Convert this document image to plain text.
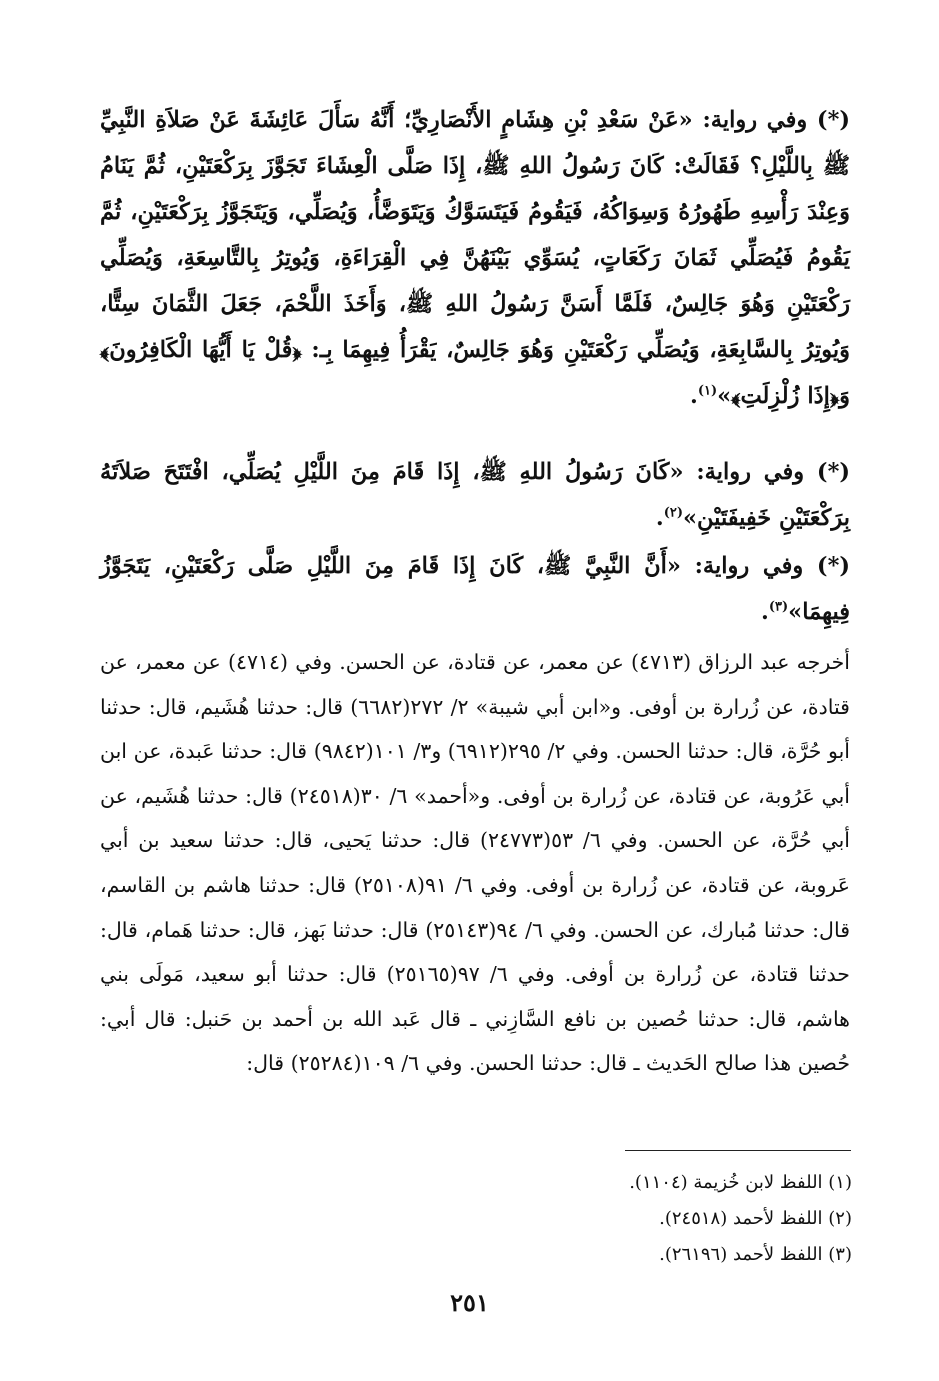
(*) وفي رواية: «عَنْ سَعْدِ بْنِ هِشَامٍ الأَنْصَارِيِّ؛ أَنَّهُ سَأَلَ عَائِشَةَ عَنْ صَلاَةِ النَّبِيِّ ﷺ بِاللَّيْلِ؟ فَقَالَتْ: كَانَ رَسُولُ اللهِ ﷺ، إِذَا صَلَّى الْعِشَاءَ تَجَوَّزَ بِرَكْعَتَيْنِ، ثُمَّ يَنَامُ وَعِنْدَ رَأْسِهِ طَهُورُهُ وَسِوَاكُهُ، فَيَقُومُ فَيَتَسَوَّكُ وَيَتَوَضَّأُ، وَيُصَلِّي، وَيَتَجَوَّزُ بِرَكْعَتَيْنِ، ثُمَّ يَقُومُ فَيُصَلِّي ثَمَانَ رَكَعَاتٍ، يُسَوِّي بَيْنَهُنَّ فِي الْقِرَاءَةِ، وَيُوتِرُ بِالتَّاسِعَةِ، وَيُصَلِّي رَكْعَتَيْنِ وَهُوَ جَالِسٌ، فَلَمَّا أَسَنَّ رَسُولُ اللهِ ﷺ، وَأَخَذَ اللَّحْمَ، جَعَلَ الثَّمَانَ سِتًّا، وَيُوتِرُ بِالسَّابِعَةِ، وَيُصَلِّي رَكْعَتَيْنِ وَهُوَ جَالِسٌ، يَقْرَأُ فِيهِمَا بِـ: ﴿قُلْ يَا أَيُّهَا الْكَافِرُونَ﴾ وَ﴿إِذَا زُلْزِلَتِ﴾»$^{(١)}$.

(*) وفي رواية: «كَانَ رَسُولُ اللهِ ﷺ، إِذَا قَامَ مِنَ اللَّيْلِ يُصَلِّي، افْتَتَحَ صَلاَتَهُ بِرَكْعَتَيْنِ خَفِيفَتَيْنِ»$^{(٢)}$.

(*) وفي رواية: «أَنَّ النَّبِيَّ ﷺ، كَانَ إِذَا قَامَ مِنَ اللَّيْلِ صَلَّى رَكْعَتَيْنِ، يَتَجَوَّزُ فِيهِمَا»$^{(٣)}$.

أخرجه عبد الرزاق (٤٧١٣) عن معمر، عن قتادة، عن الحسن. وفي (٤٧١٤) عن معمر، عن قتادة، عن زُرارة بن أوفى. و«ابن أبي شيبة» ٢/ ٢٧٢(٦٦٨٢) قال: حدثنا هُشَيم، قال: حدثنا أبو حُرَّة، قال: حدثنا الحسن. وفي ٢/ ٢٩٥(٦٩١٢) و٣/ ١٠١(٩٨٤٢) قال: حدثنا عَبدة، عن ابن أبي عَرُوبة، عن قتادة، عن زُرارة بن أوفى. و«أحمد» ٦/ ٣٠(٢٤٥١٨) قال: حدثنا هُشَيم، عن أبي حُرَّة، عن الحسن. وفي ٦/ ٥٣(٢٤٧٧٣) قال: حدثنا يَحيى، قال: حدثنا سعيد بن أبي عَروبة، عن قتادة، عن زُرارة بن أوفى. وفي ٦/ ٩١(٢٥١٠٨) قال: حدثنا هاشم بن القاسم، قال: حدثنا مُبارك، عن الحسن. وفي ٦/ ٩٤(٢٥١٤٣) قال: حدثنا بَهز، قال: حدثنا هَمام، قال: حدثنا قتادة، عن زُرارة بن أوفى. وفي ٦/ ٩٧(٢٥١٦٥) قال: حدثنا أبو سعيد، مَولَى بني هاشم، قال: حدثنا حُصين بن نافع السَّازِني ـ قال عَبد الله بن أحمد بن حَنبل: قال أبي: حُصين هذا صالح الحَديث ـ قال: حدثنا الحسن. وفي ٦/ ١٠٩(٢٥٢٨٤) قال:

(١) اللفظ لابن خُزيمة (١١٠٤).

(٢) اللفظ لأحمد (٢٤٥١٨).

(٣) اللفظ لأحمد (٢٦١٩٦).

٢٥١
